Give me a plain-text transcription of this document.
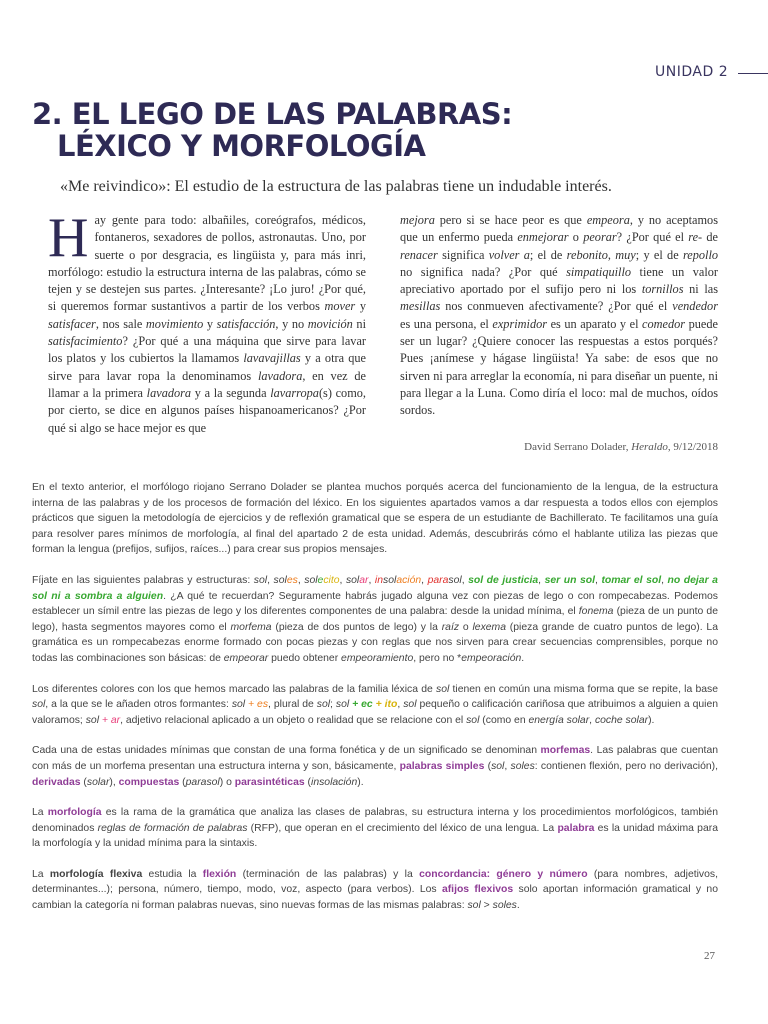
UNIDAD 2
2. EL LEGO DE LAS PALABRAS:
LÉXICO Y MORFOLOGÍA
«Me reivindico»: El estudio de la estructura de las palabras tiene un indudable interés.
H ay gente para todo: albañiles, coreógrafos, médicos, fontaneros, sexadores de pollos, astronautas. Uno, por suerte o por desgracia, es lingüista y, para más inri, morfólogo: estudio la estructura interna de las palabras, cómo se tejen y se destejen sus partes. ¿Interesante? ¡Lo juro! ¿Por qué, si queremos formar sustantivos a partir de los verbos mover y satisfacer, nos sale movimiento y satisfacción, y no movición ni satisfacimiento? ¿Por qué a una máquina que sirve para lavar los platos y los cubiertos la llamamos lavavajillas y a otra que sirve para lavar ropa la denominamos lavadora, en vez de llamar a la primera lavadora y a la segunda lavarropa(s) como, por cierto, se dice en algunos países hispanoamericanos? ¿Por qué si algo se hace mejor es que

mejora pero si se hace peor es que empeora, y no aceptamos que un enfermo pueda enmejorar o peorar? ¿Por qué el re- de renacer significa volver a; el de rebonito, muy; y el de repollo no significa nada? ¿Por qué simpatiquillo tiene un valor apreciativo aportado por el sufijo pero ni los tornillos ni las mesillas nos conmueven afectivamente? ¿Por qué el vendedor es una persona, el exprimidor es un aparato y el comedor puede ser un lugar? ¿Quiere conocer las respuestas a estos porqués? Pues ¡anímese y hágase lingüista! Ya sabe: de esos que no sirven ni para arreglar la economía, ni para diseñar un puente, ni para llegar a la Luna. Como diría el loco: mal de muchos, oídos sordos.

David Serrano Dolader, Heraldo, 9/12/2018

En el texto anterior, el morfólogo riojano Serrano Dolader se plantea muchos porqués acerca del funcionamiento de la lengua, de la estructura interna de las palabras y de los procesos de formación del léxico. En los siguientes apartados vamos a dar respuesta a todos ellos con ejemplos prácticos que siguen la metodología de ejercicios y de reflexión gramatical que se espera de un estudiante de Bachillerato. Te facilitamos una guía para resolver pares mínimos de morfología, al final del apartado 2 de esta unidad. Además, descubrirás cómo el hablante utiliza las piezas que forman la lengua (prefijos, sufijos, raíces...) para crear sus propios mensajes.

Fíjate en las siguientes palabras y estructuras: sol, soles, solecito, solar, insolación, parasol, sol de justicia, ser un sol, tomar el sol, no dejar a sol ni a sombra a alguien. ¿A qué te recuerdan? Seguramente habrás jugado alguna vez con piezas de lego o con rompecabezas. Podemos establecer un símil entre las piezas de lego y los diferentes componentes de una palabra: desde la unidad mínima, el fonema (pieza de un punto de lego), hasta segmentos mayores como el morfema (pieza de dos puntos de lego) y la raíz o lexema (pieza grande de cuatro puntos de lego). La gramática es un rompecabezas enorme formado con pocas piezas y con reglas que nos sirven para crear secuencias comprensibles, porque no todas las combinaciones son básicas: de empeorar puedo obtener empeoramiento, pero no *empeoración.

Los diferentes colores con los que hemos marcado las palabras de la familia léxica de sol tienen en común una misma forma que se repite, la base sol, a la que se le añaden otros formantes: sol + es, plural de sol; sol + ec + ito, sol pequeño o calificación cariñosa que atribuimos a alguien a quien valoramos; sol + ar, adjetivo relacional aplicado a un objeto o realidad que se relacione con el sol (como en energía solar, coche solar).

Cada una de estas unidades mínimas que constan de una forma fonética y de un significado se denominan morfemas. Las palabras que cuentan con más de un morfema presentan una estructura interna y son, básicamente, palabras simples (sol, soles: contienen flexión, pero no derivación), derivadas (solar), compuestas (parasol) o parasintéticas (insolación).

La morfología es la rama de la gramática que analiza las clases de palabras, su estructura interna y los procedimientos morfológicos, también denominados reglas de formación de palabras (RFP), que operan en el crecimiento del léxico de una lengua. La palabra es la unidad máxima para la morfología y la unidad mínima para la sintaxis.

La morfología flexiva estudia la flexión (terminación de las palabras) y la concordancia: género y número (para nombres, adjetivos, determinantes...); persona, número, tiempo, modo, voz, aspecto (para verbos). Los afijos flexivos solo aportan información gramatical y no cambian la categoría ni forman palabras nuevas, sino nuevas formas de las mismas palabras: sol > soles.

27
